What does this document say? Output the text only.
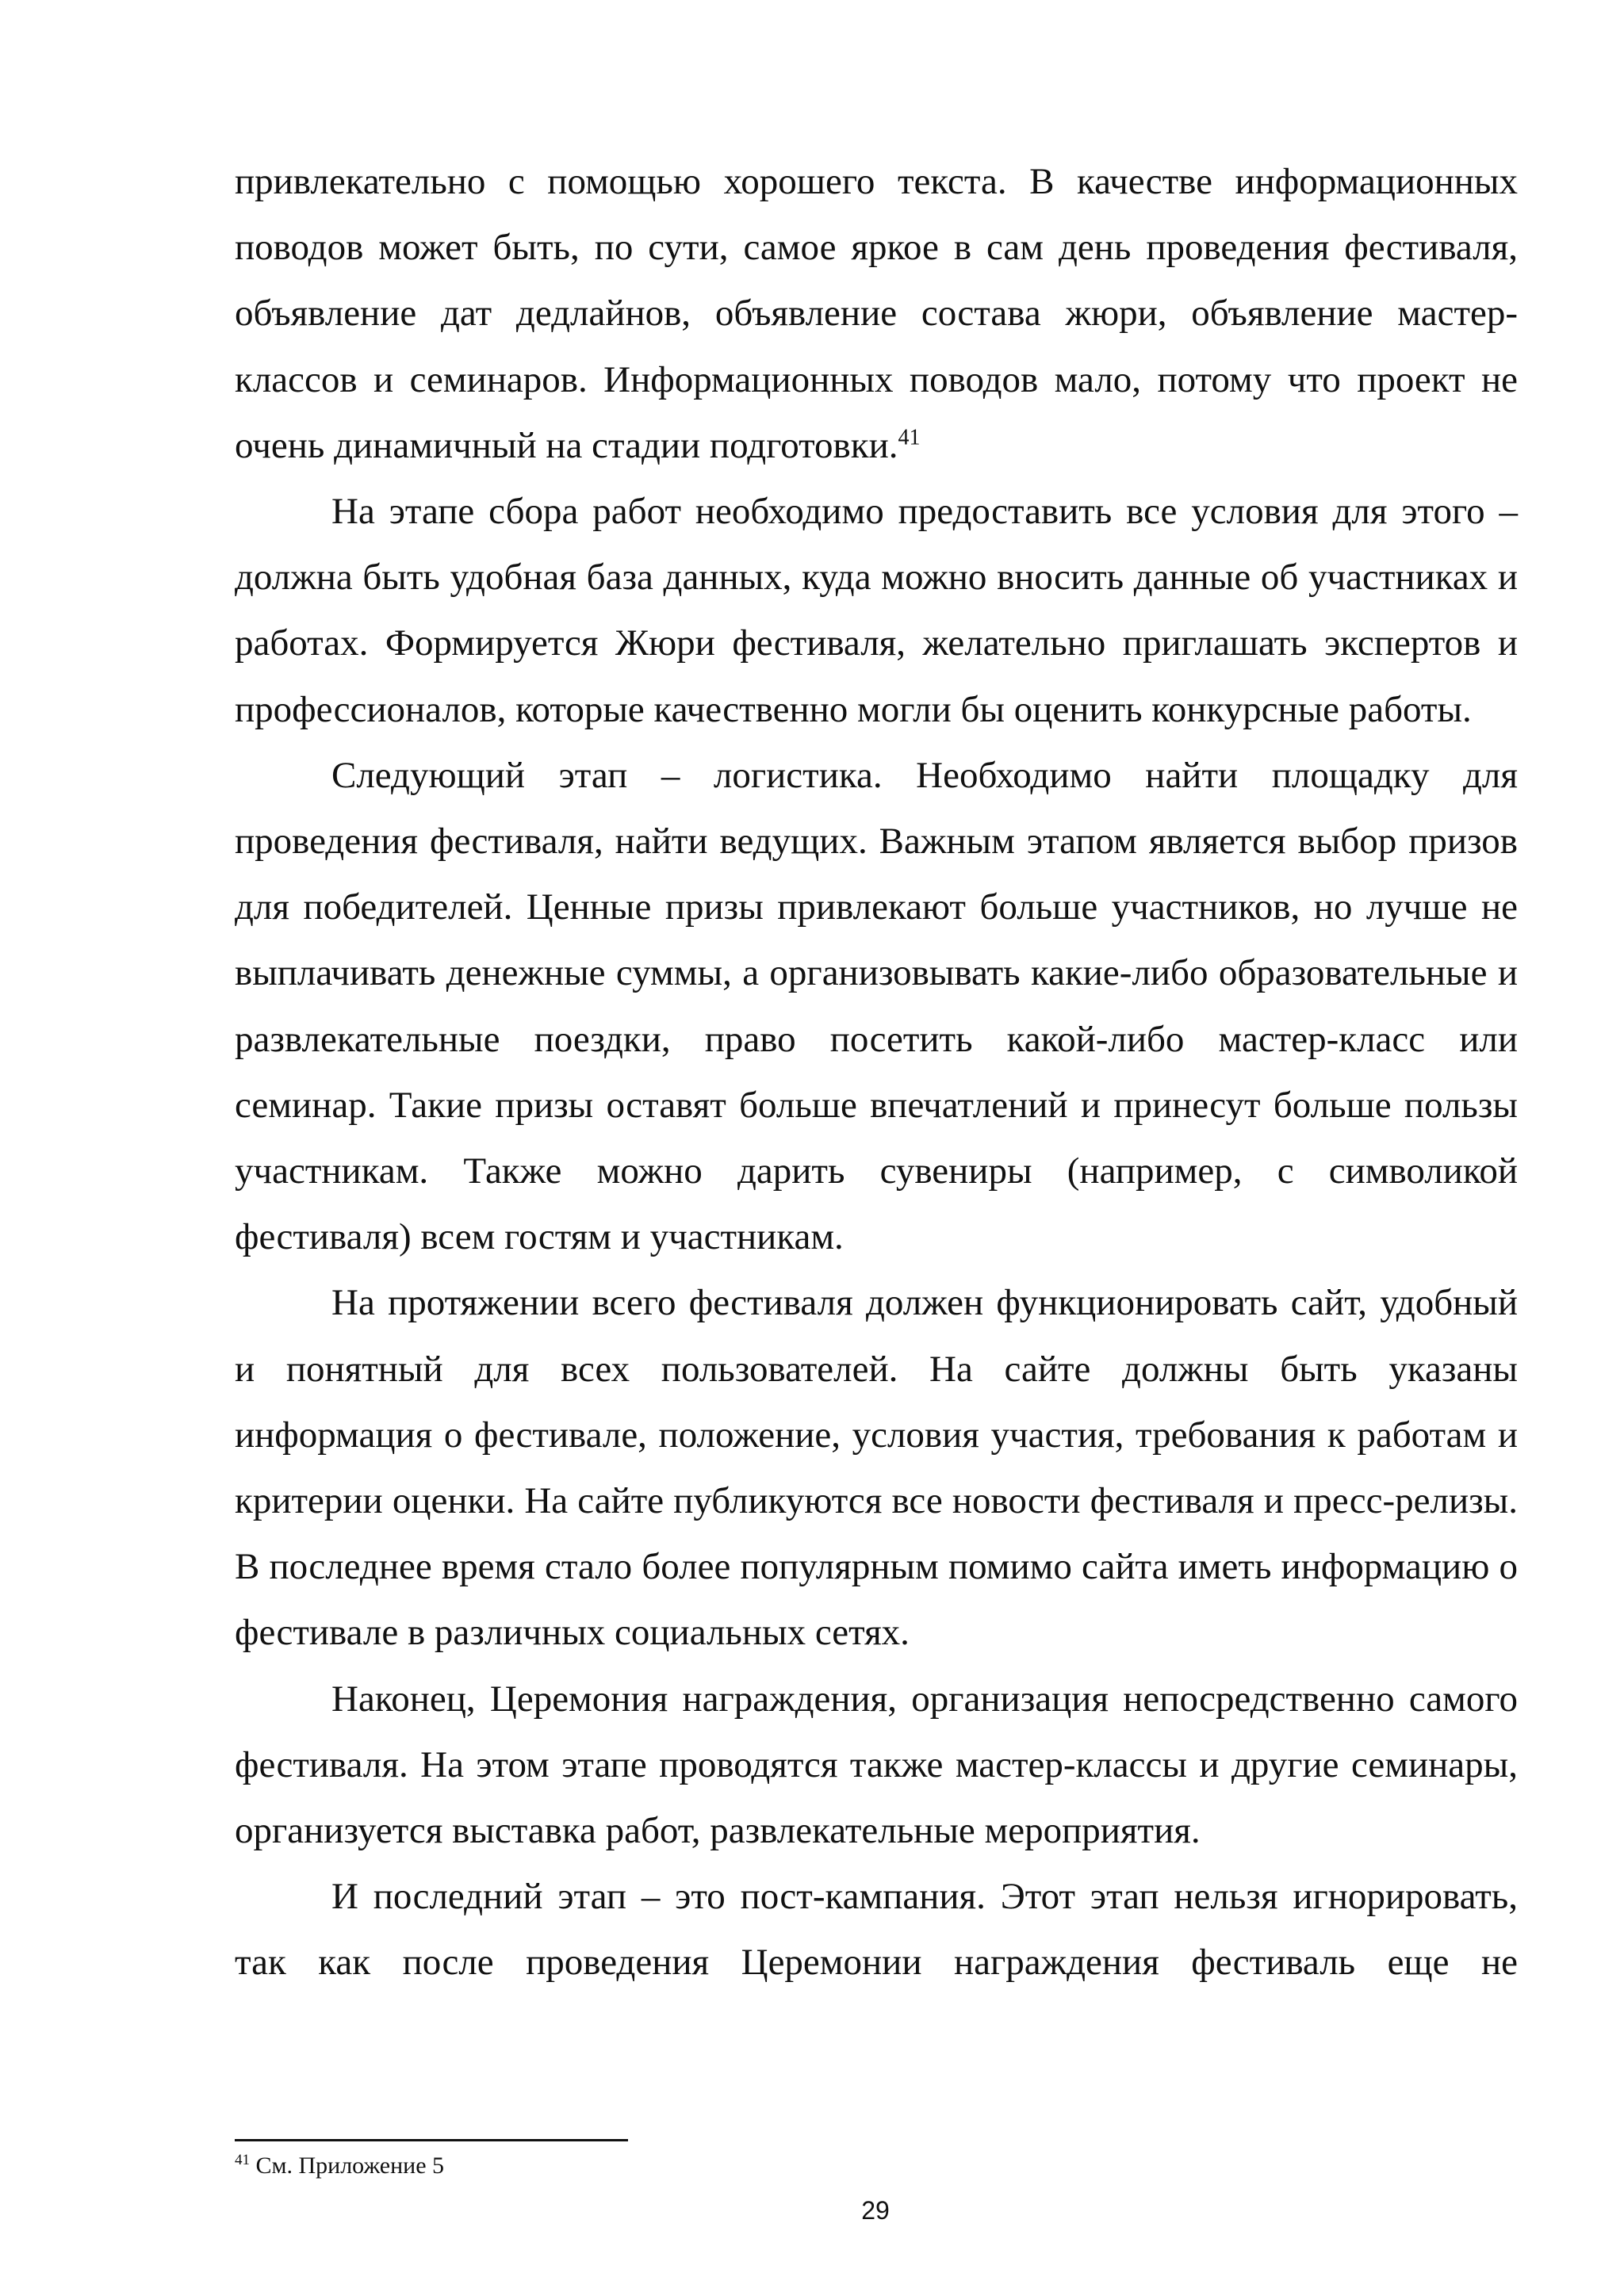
привлекательно с помощью хорошего текста. В качестве информационных поводов может быть, по сути, самое яркое в сам день проведения фестиваля, объявление дат дедлайнов, объявление состава жюри, объявление мастер-классов и семинаров. Информационных поводов мало, потому что проект не очень динамичный на стадии подготовки.$^{41}$

На этапе сбора работ необходимо предоставить все условия для этого – должна быть удобная база данных, куда можно вносить данные об участниках и работах. Формируется Жюри фестиваля, желательно приглашать экспертов и профессионалов, которые качественно могли бы оценить конкурсные работы.

Следующий этап – логистика. Необходимо найти площадку для проведения фестиваля, найти ведущих. Важным этапом является выбор призов для победителей. Ценные призы привлекают больше участников, но лучше не выплачивать денежные суммы, а организовывать какие-либо образовательные и развлекательные поездки, право посетить какой-либо мастер-класс или семинар. Такие призы оставят больше впечатлений и принесут больше пользы участникам. Также можно дарить сувениры (например, с символикой фестиваля) всем гостям и участникам.

На протяжении всего фестиваля должен функционировать сайт, удобный и понятный для всех пользователей. На сайте должны быть указаны информация о фестивале, положение, условия участия, требования к работам и критерии оценки. На сайте публикуются все новости фестиваля и пресс-релизы. В последнее время стало более популярным помимо сайта иметь информацию о фестивале в различных социальных сетях.

Наконец, Церемония награждения, организация непосредственно самого фестиваля. На этом этапе проводятся также мастер-классы и другие семинары, организуется выставка работ, развлекательные мероприятия.

И последний этап – это пост-кампания. Этот этап нельзя игнорировать, так как после проведения Церемонии награждения фестиваль еще не

$^{41}$ См. Приложение 5
29
